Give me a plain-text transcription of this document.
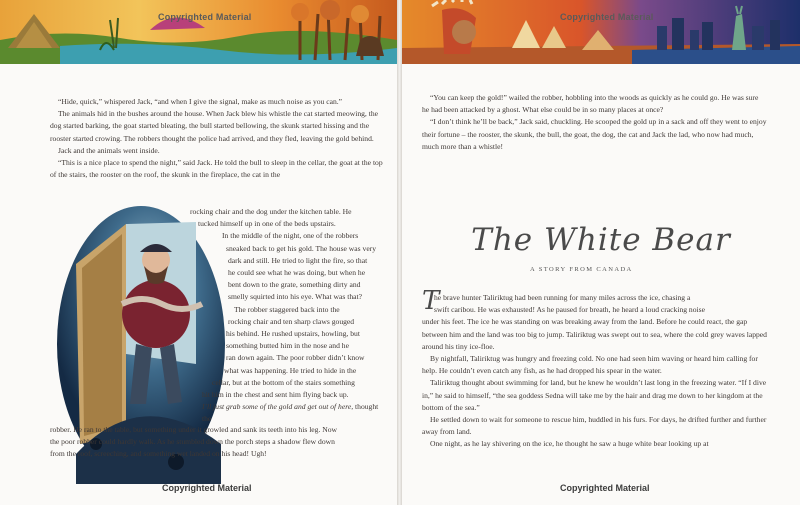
Copyrighted Material

“Hide, quick,” whispered Jack, “and when I give the signal, make as much noise as you can.”

The animals hid in the bushes around the house. When Jack blew his whistle the cat started meowing, the dog started barking, the goat started bleating, the bull started bellowing, the skunk started hissing and the rooster started crowing. The robbers thought the police had arrived, and they fled, leaving the gold behind.

Jack and the animals went inside.

“This is a nice place to spend the night,” said Jack. He told the bull to sleep in the cellar, the goat at the top of the stairs, the rooster on the roof, the skunk in the fireplace, the cat in the

rocking chair and the dog under the kitchen table. He

tucked himself up in one of the beds upstairs.

In the middle of the night, one of the robbers

sneaked back to get his gold. The house was very

dark and still. He tried to light the fire, so that

he could see what he was doing, but when he

bent down to the grate, something dirty and

smelly squirted into his eye. What was that?

The robber staggered back into the

rocking chair and ten sharp claws gouged

his behind. He rushed upstairs, howling, but

something butted him in the nose and he

ran down again. The poor robber didn’t know

what was happening. He tried to hide in the

cellar, but at the bottom of the stairs something

hit him in the chest and sent him flying back up.

I’ll just grab some of the gold and get out of here, thought the

robber. He ran to the table, but something under it growled and sank its teeth into his leg. Now

the poor robber could hardly walk. As he stumbled down the porch steps a shadow flew down

from the roof, screeching, and something wet landed on his head! Ugh!

Copyrighted Material
Copyrighted Material

“You can keep the gold!” wailed the robber, hobbling into the woods as quickly as he could go. He was sure he had been attacked by a ghost. What else could be in so many places at once?

“I don’t think he’ll be back,” Jack said, chuckling. He scooped the gold up in a sack and off they went to enjoy their fortune – the rooster, the skunk, the bull, the goat, the dog, the cat and Jack the lad, who now had much, much more than a whistle!

he brave hunter Taliriktug had been running for many miles across the ice, chasing a

swift caribou. He was exhausted! As he paused for breath, he heard a loud cracking noise

under his feet. The ice he was standing on was breaking away from the land. Before he could react, the gap between him and the land was too big to jump. Taliriktug was swept out to sea, where the cold grey waves lapped around his tiny ice-floe.

By nightfall, Taliriktug was hungry and freezing cold. No one had seen him waving or heard him calling for help. He couldn’t even catch any fish, as he had dropped his spear in the water.

Taliriktug thought about swimming for land, but he knew he wouldn’t last long in the freezing water. “If I dive in,” he said to himself, “the sea goddess Sedna will take me by the hair and drag me down to her kingdom at the bottom of the sea.”

He settled down to wait for someone to rescue him, huddled in his furs. For days, he drifted further and further away from land.

One night, as he lay shivering on the ice, he thought he saw a huge white bear looking up at

Copyrighted Material
The White Bear
A STORY FROM CANADA
T
